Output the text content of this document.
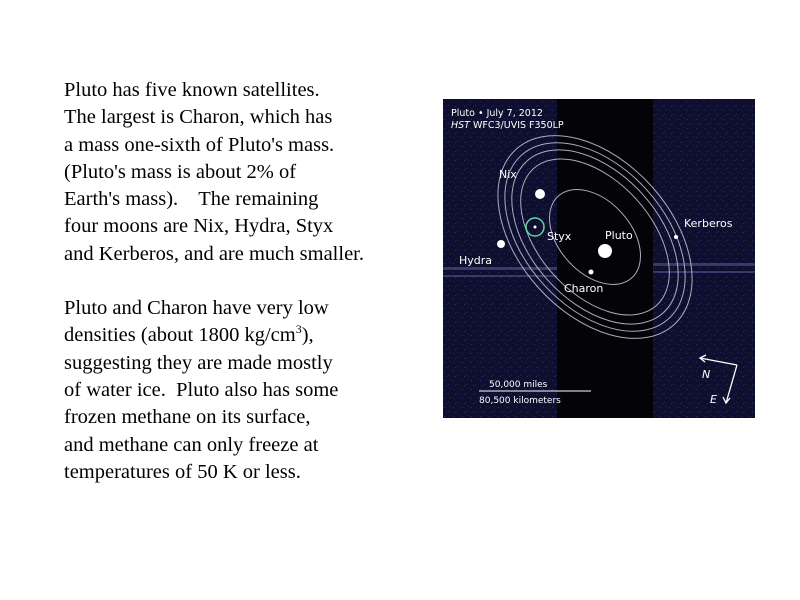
Pluto has five known satellites.
The largest is Charon, which has
a mass one-sixth of Pluto's mass.
(Pluto's mass is about 2% of
Earth's mass).    The remaining
four moons are Nix, Hydra, Styx
and Kerberos, and are much smaller.
Pluto and Charon have very low
densities (about 1800 $kg/cm^3$),
suggesting they are made mostly
of water ice.  Pluto also has some
frozen methane on its surface,
and methane can only freeze at
temperatures of 50 K or less.
Pluto • July 7, 2012
HST WFC3/UVIS F350LP
Nix
Styx	Pluto
Kerberos
Hydra
Charon
50,000 miles
80,500 kilometers
N
E
